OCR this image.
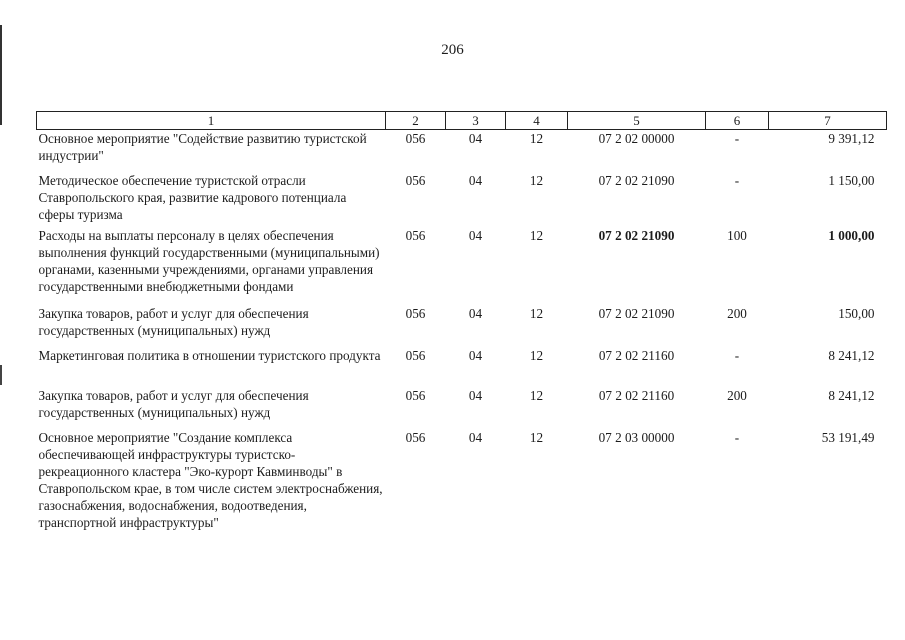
206
1	2	3	4	5	6	7
Основное мероприятие "Содействие развитию туристской индустрии"	056	04	12	07 2 02 00000	-	9 391,12
Методическое обеспечение туристской отрасли Ставропольского края, развитие кадрового потенциала сферы туризма	056	04	12	07 2 02 21090	-	1 150,00
Расходы на выплаты персоналу в целях обеспечения выполнения функций государственными (муниципальными) органами, казенными учреждениями, органами управления государственными внебюджетными фондами	056	04	12	07 2 02 21090	100	1 000,00
Закупка товаров, работ и услуг для обеспечения государственных (муниципальных) нужд	056	04	12	07 2 02 21090	200	150,00
Маркетинговая политика в отношении туристского продукта	056	04	12	07 2 02 21160	-	8 241,12
Закупка товаров, работ и услуг для обеспечения государственных (муниципальных) нужд	056	04	12	07 2 02 21160	200	8 241,12
Основное мероприятие "Создание комплекса обеспечивающей инфраструктуры туристско-рекреационного кластера "Эко-курорт Кавминводы" в Ставропольском крае, в том числе систем электроснабжения, газоснабжения, водоснабжения, водоотведения, транспортной инфраструктуры"	056	04	12	07 2 03 00000	-	53 191,49
